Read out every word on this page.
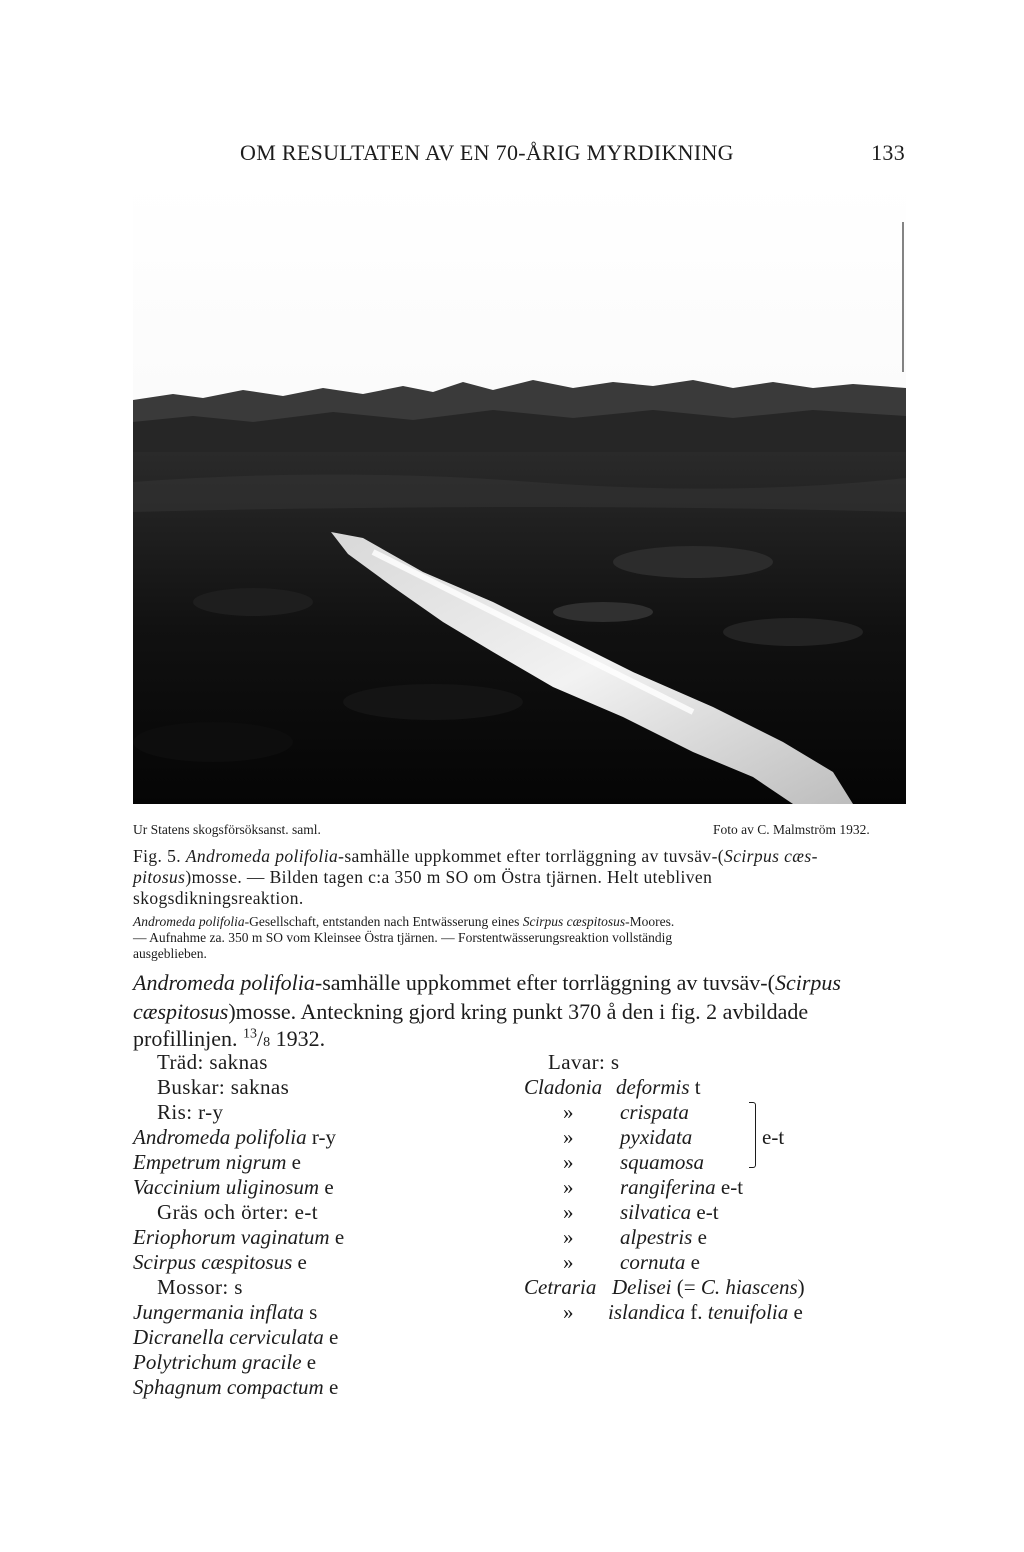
OM RESULTATEN AV EN 70-ÅRIG MYRDIKNING	133
Ur Statens skogsförsöksanst. saml.	Foto av C. Malmström 1932.
Fig. 5. Andromeda polifolia-samhälle uppkommet efter torrläggning av tuvsäv-(Scirpus cæs-
pitosus)mosse. — Bilden tagen c:a 350 m SO om Östra tjärnen. Helt utebliven
skogsdikningsreaktion.
Andromeda polifolia-Gesellschaft, entstanden nach Entwässerung eines Scirpus cæspitosus-Moores.
— Aufnahme za. 350 m SO vom Kleinsee Östra tjärnen. — Forstentwässerungsreaktion vollständig
ausgeblieben.
Andromeda polifolia-samhälle uppkommet efter torrläggning av tuvsäv-(Scirpus
cæspitosus)mosse. Anteckning gjord kring punkt 370 å den i fig. 2 avbildade
profillinjen. $^{13}$/8 1932.
Träd: saknas
Buskar: saknas
Ris: r-y
Andromeda polifolia r-y
Empetrum nigrum e
Vaccinium uliginosum e
Gräs och örter: e-t
Eriophorum vaginatum e
Scirpus cæspitosus e
Mossor: s
Jungermania inflata s
Dicranella cerviculata e
Polytrichum gracile e
Sphagnum compactum e
Lavar: s
Cladonia deformis t
» crispata
» pyxidata
» squamosa
e-t
» rangiferina e-t
» silvatica e-t
» alpestris e
» cornuta e
Cetraria Delisei (= C. hiascens)
» islandica f. tenuifolia e
